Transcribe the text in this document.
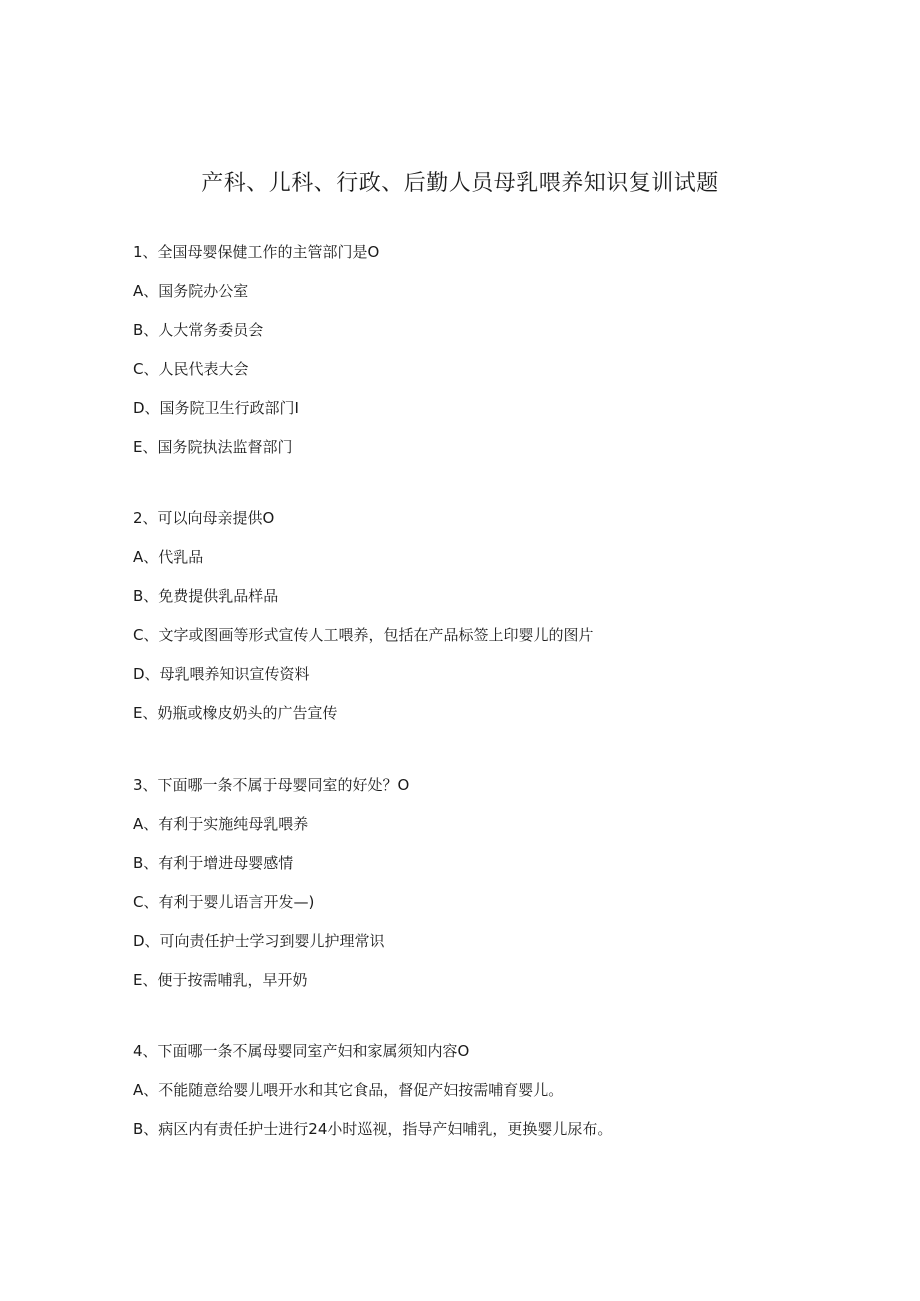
产科、儿科、行政、后勤人员母乳喂养知识复训试题
1、全国母婴保健工作的主管部门是O
A、国务院办公室
B、人大常务委员会
C、人民代表大会
D、国务院卫生行政部门I
E、国务院执法监督部门
2、可以向母亲提供O
A、代乳品
B、免费提供乳品样品
C、文字或图画等形式宣传人工喂养，包括在产品标签上印婴儿的图片
D、母乳喂养知识宣传资料
E、奶瓶或橡皮奶头的广告宣传
3、下面哪一条不属于母婴同室的好处？O
A、有利于实施纯母乳喂养
B、有利于增进母婴感情
C、有利于婴儿语言开发—)
D、可向责任护士学习到婴儿护理常识
E、便于按需哺乳，早开奶
4、下面哪一条不属母婴同室产妇和家属须知内容O
A、不能随意给婴儿喂开水和其它食品，督促产妇按需哺育婴儿。
B、病区内有责任护士进行24小时巡视，指导产妇哺乳，更换婴儿尿布。
